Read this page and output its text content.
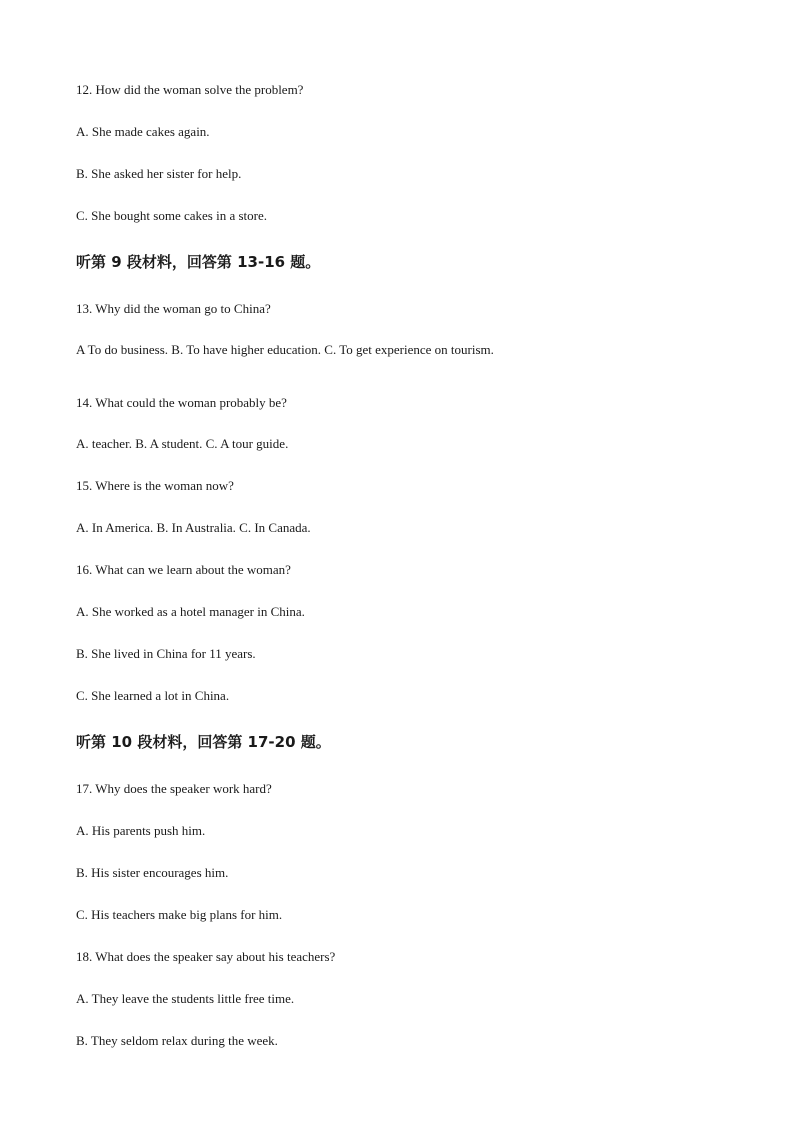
12. How did the woman solve the problem?
A. She made cakes again.
B. She asked her sister for help.
C. She bought some cakes in a store.
听第 9 段材料，回答第 13-16 题。
13. Why did the woman go to China?
A To do business. B. To have higher education. C. To get experience on tourism.
14. What could the woman probably be?
A. teacher. B. A student. C. A tour guide.
15. Where is the woman now?
A. In America. B. In Australia. C. In Canada.
16. What can we learn about the woman?
A. She worked as a hotel manager in China.
B. She lived in China for 11 years.
C. She learned a lot in China.
听第 10 段材料，回答第 17-20 题。
17. Why does the speaker work hard?
A. His parents push him.
B. His sister encourages him.
C. His teachers make big plans for him.
18. What does the speaker say about his teachers?
A. They leave the students little free time.
B. They seldom relax during the week.
